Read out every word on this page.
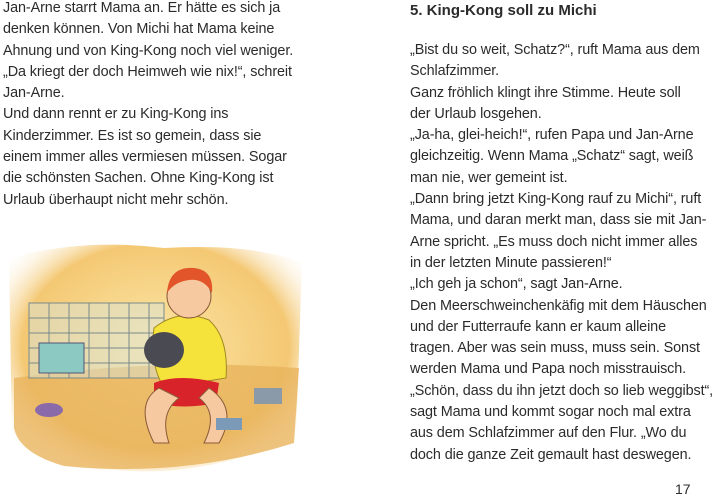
Jan-Arne starrt Mama an. Er hätte es sich ja
denken können. Von Michi hat Mama keine
Ahnung und von King-Kong noch viel weniger.
„Da kriegt der doch Heimweh wie nix!“, schreit
Jan-Arne.
Und dann rennt er zu King-Kong ins
Kinderzimmer. Es ist so gemein, dass sie
einem immer alles vermiesen müssen. Sogar
die schönsten Sachen. Ohne King-Kong ist
Urlaub überhaupt nicht mehr schön.
5. King-Kong soll zu Michi
„Bist du so weit, Schatz?“, ruft Mama aus dem
Schlafzimmer.
Ganz fröhlich klingt ihre Stimme. Heute soll
der Urlaub losgehen.
„Ja-ha, glei-heich!“, rufen Papa und Jan-Arne
gleichzeitig. Wenn Mama „Schatz“ sagt, weiß
man nie, wer gemeint ist.
„Dann bring jetzt King-Kong rauf zu Michi“, ruft
Mama, und daran merkt man, dass sie mit Jan-
Arne spricht. „Es muss doch nicht immer alles
in der letzten Minute passieren!“
„Ich geh ja schon“, sagt Jan-Arne.
Den Meerschweinchenkäfig mit dem Häuschen
und der Futterraufe kann er kaum alleine
tragen. Aber was sein muss, muss sein. Sonst
werden Mama und Papa noch misstrauisch.
„Schön, dass du ihn jetzt doch so lieb weggibst“,
sagt Mama und kommt sogar noch mal extra
aus dem Schlafzimmer auf den Flur. „Wo du
doch die ganze Zeit gemault hast deswegen.
17
